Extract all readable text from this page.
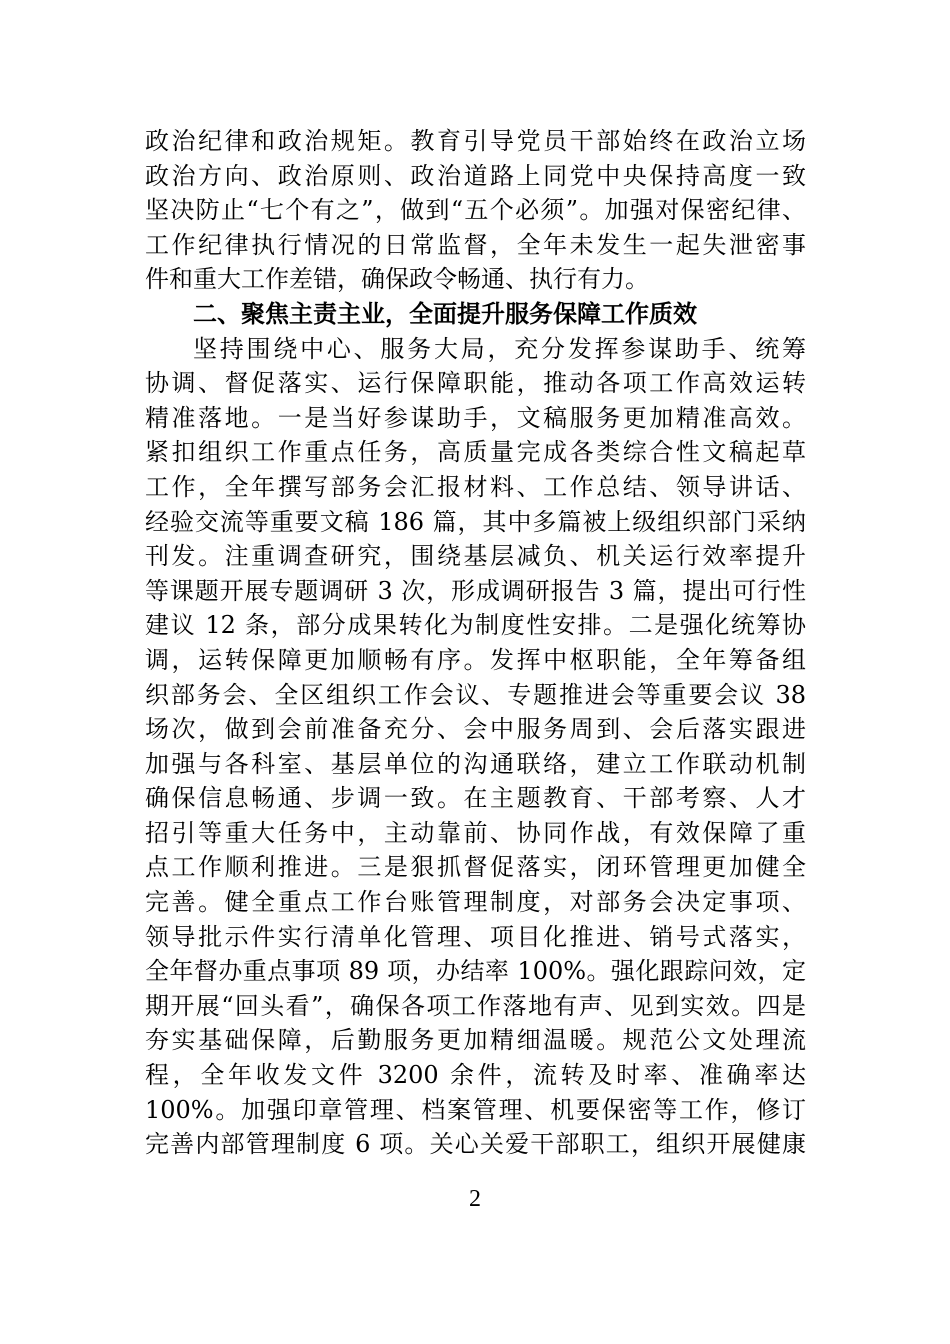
政治纪律和政治规矩。教育引导党员干部始终在政治立场
政治方向、政治原则、政治道路上同党中央保持高度一致
坚决防止“七个有之”，做到“五个必须”。加强对保密纪律、
工作纪律执行情况的日常监督，全年未发生一起失泄密事
件和重大工作差错，确保政令畅通、执行有力。
二、聚焦主责主业，全面提升服务保障工作质效
坚持围绕中心、服务大局，充分发挥参谋助手、统筹
协调、督促落实、运行保障职能，推动各项工作高效运转
精准落地。一是当好参谋助手，文稿服务更加精准高效。
紧扣组织工作重点任务，高质量完成各类综合性文稿起草
工作，全年撰写部务会汇报材料、工作总结、领导讲话、
经验交流等重要文稿 186 篇，其中多篇被上级组织部门采纳
刊发。注重调查研究，围绕基层减负、机关运行效率提升
等课题开展专题调研 3 次，形成调研报告 3 篇，提出可行性
建议 12 条，部分成果转化为制度性安排。二是强化统筹协
调，运转保障更加顺畅有序。发挥中枢职能，全年筹备组
织部务会、全区组织工作会议、专题推进会等重要会议 38
场次，做到会前准备充分、会中服务周到、会后落实跟进
加强与各科室、基层单位的沟通联络，建立工作联动机制
确保信息畅通、步调一致。在主题教育、干部考察、人才
招引等重大任务中，主动靠前、协同作战，有效保障了重
点工作顺利推进。三是狠抓督促落实，闭环管理更加健全
完善。健全重点工作台账管理制度，对部务会决定事项、
领导批示件实行清单化管理、项目化推进、销号式落实，
全年督办重点事项 89 项，办结率 100%。强化跟踪问效，定
期开展“回头看”，确保各项工作落地有声、见到实效。四是
夯实基础保障，后勤服务更加精细温暖。规范公文处理流
程，全年收发文件 3200 余件，流转及时率、准确率达
100%。加强印章管理、档案管理、机要保密等工作，修订
完善内部管理制度 6 项。关心关爱干部职工，组织开展健康
2
